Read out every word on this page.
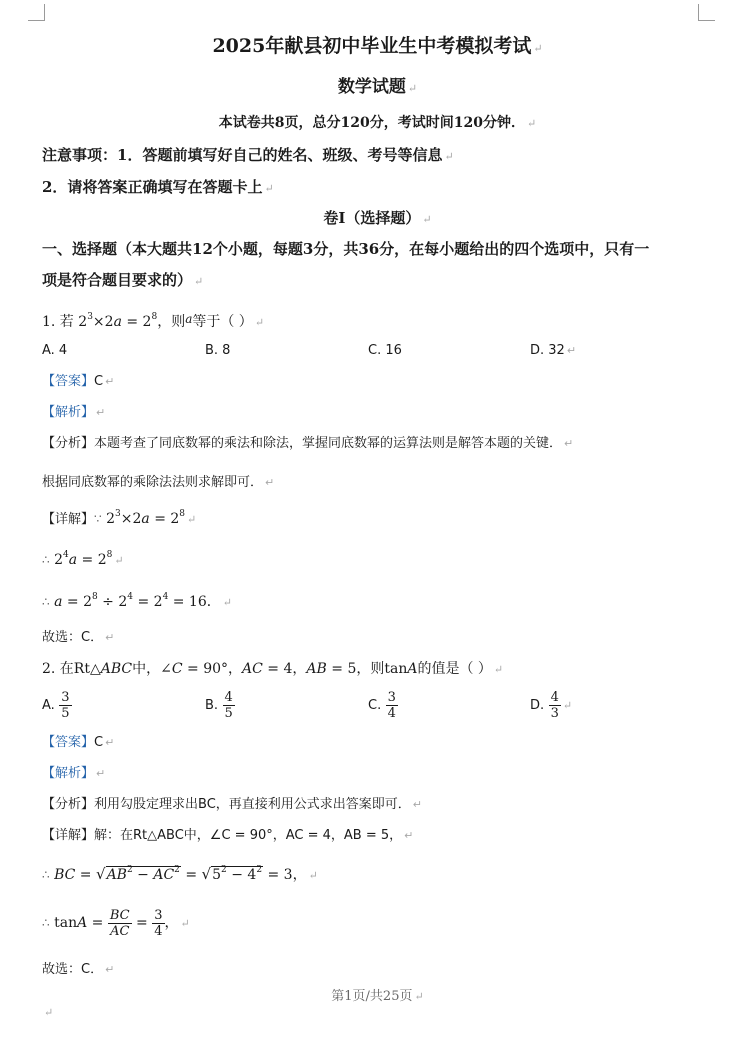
2025年献县初中毕业生中考模拟考试 ↵
数学试题 ↵
本试卷共8页，总分120分，考试时间120分钟． ↵
注意事项：1．答题前填写好自己的姓名、班级、考号等信息 ↵
2．请将答案正确填写在答题卡上 ↵
卷I（选择题） ↵
一、选择题（本大题共12个小题，每题3分，共36分，在每小题给出的四个选项中，只有一
项是符合题目要求的） ↵
1. 若 $2^3\times 2a = 2^8$，则a等于（ ） ↵
A. 4	B. 8	C. 16	D. 32 ↵
【答案】C ↵
【解析】 ↵
【分析】本题考查了同底数幂的乘法和除法，掌握同底数幂的运算法则是解答本题的关键． ↵
根据同底数幂的乘除法法则求解即可． ↵
【详解】∵ $2^3\times 2a = 2^8$ ↵
∴ $2^4a = 2^8$ ↵
∴ $a = 2^8 \div 2^4 = 2^4 = 16$． ↵
故选：C． ↵
2. 在Rt△ABC中，∠C = 90°，AC = 4，AB = 5，则tanA的值是（ ） ↵
A. $\frac{3}{5}$	B. $\frac{4}{5}$	C. $\frac{3}{4}$	D. $\frac{4}{3}$ ↵
【答案】C ↵
【解析】 ↵
【分析】利用勾股定理求出BC，再直接利用公式求出答案即可． ↵
【详解】解：在Rt△ABC中，∠C = 90°，AC = 4，AB = 5， ↵
∴ BC = $√AB^2 - AC^2 = √5^2 - 4^2 = 3$， ↵
∴ $\tan A = \frac{BC}{AC} = \frac{3}{4}$ ， ↵
故选：C． ↵
第1页/共25页 ↵
↵
